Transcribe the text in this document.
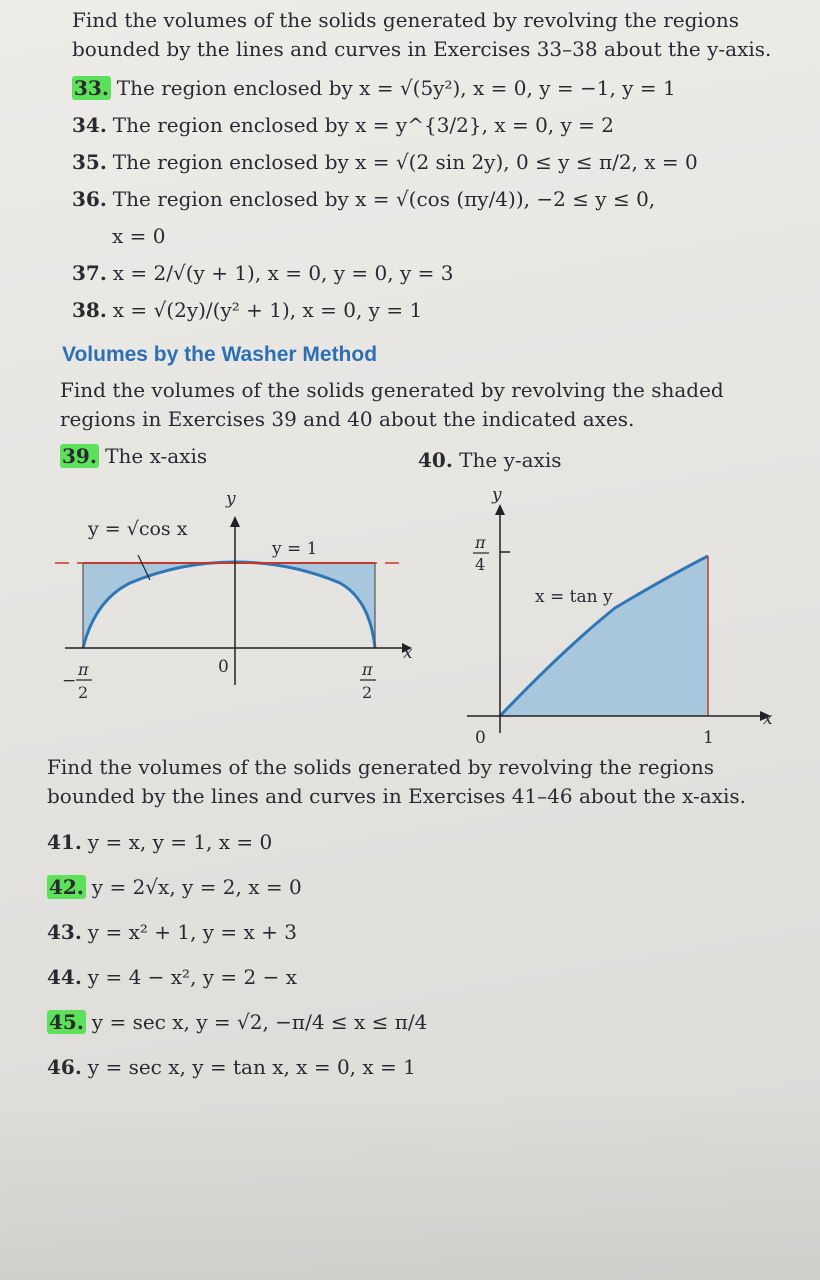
Find the volumes of the solids generated by revolving the regions bounded by the lines and curves in Exercises 33–38 about the y-axis.
33. The region enclosed by x = √(5y²), x = 0, y = −1, y = 1
34. The region enclosed by x = y^{3/2}, x = 0, y = 2
35. The region enclosed by x = √(2 sin 2y), 0 ≤ y ≤ π/2, x = 0
36. The region enclosed by x = √(cos (πy/4)), −2 ≤ y ≤ 0,
x = 0
37. x = 2/√(y + 1), x = 0, y = 0, y = 3
38. x = √(2y)/(y² + 1), x = 0, y = 1
Volumes by the Washer Method
Find the volumes of the solids generated by revolving the shaded regions in Exercises 39 and 40 about the indicated axes.
39. The x-axis	40. The y-axis
y = √cos x
y = 1
y
x
0
−
π
2
π
2
y
x
0	1
π
4
x = tan y
Find the volumes of the solids generated by revolving the regions bounded by the lines and curves in Exercises 41–46 about the x-axis.
41. y = x, y = 1, x = 0
42. y = 2√x, y = 2, x = 0
43. y = x² + 1, y = x + 3
44. y = 4 − x², y = 2 − x
45. y = sec x, y = √2, −π/4 ≤ x ≤ π/4
46. y = sec x, y = tan x, x = 0, x = 1
